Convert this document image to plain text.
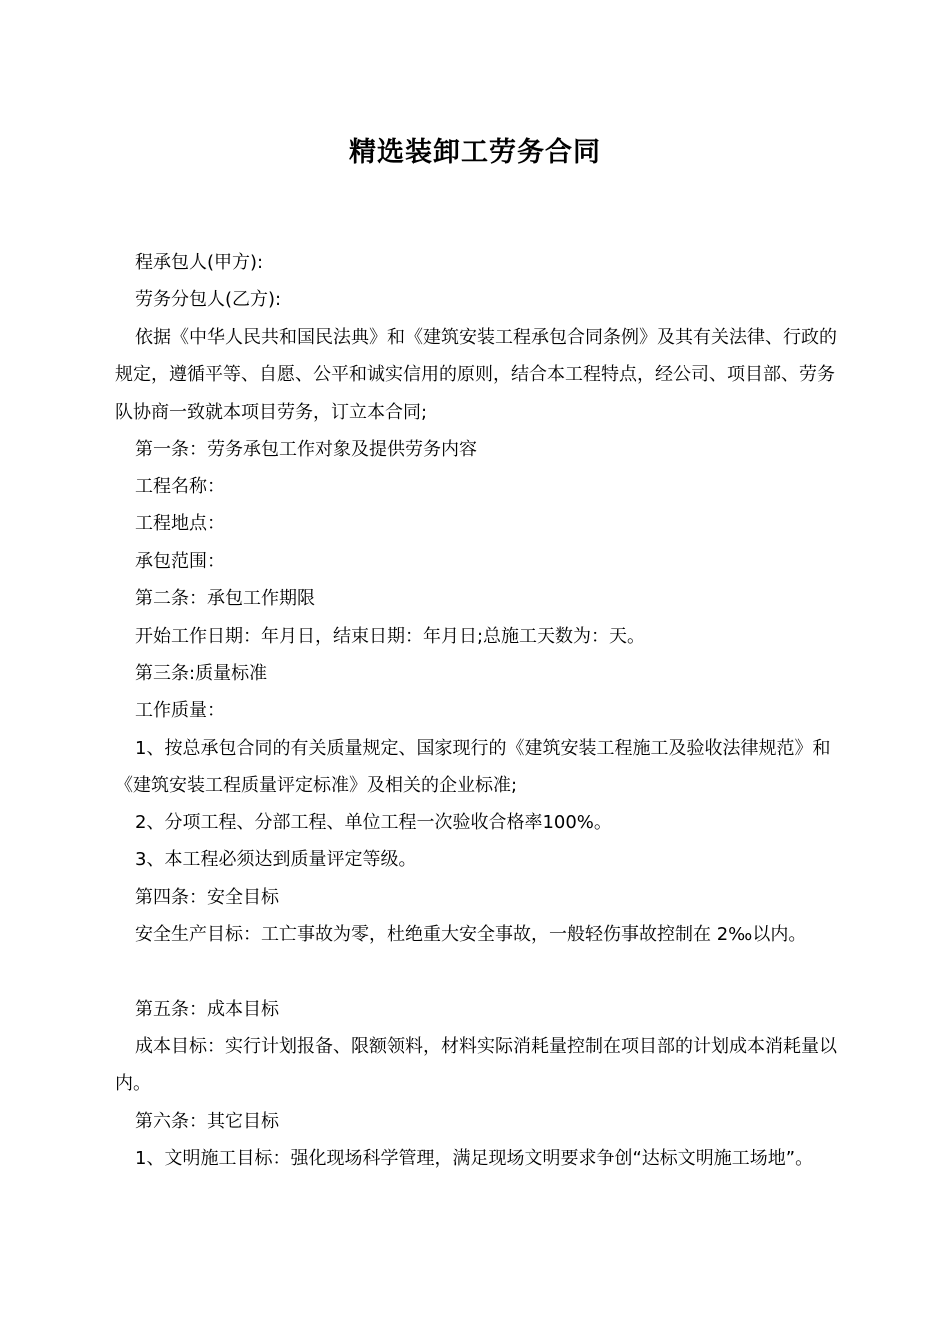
精选装卸工劳务合同
程承包人(甲方):
劳务分包人(乙方):
依据《中华人民共和国民法典》和《建筑安装工程承包合同条例》及其有关法律、行政的规定，遵循平等、自愿、公平和诚实信用的原则，结合本工程特点，经公司、项目部、劳务队协商一致就本项目劳务，订立本合同;
第一条：劳务承包工作对象及提供劳务内容
工程名称：
工程地点：
承包范围：
第二条：承包工作期限
开始工作日期：年月日，结束日期：年月日;总施工天数为：天。
第三条:质量标准
工作质量：
1、按总承包合同的有关质量规定、国家现行的《建筑安装工程施工及验收法律规范》和《建筑安装工程质量评定标准》及相关的企业标准;
2、分项工程、分部工程、单位工程一次验收合格率100%。
3、本工程必须达到质量评定等级。
第四条：安全目标
安全生产目标：工亡事故为零，杜绝重大安全事故，一般轻伤事故控制在 2‰以内。
第五条：成本目标
成本目标：实行计划报备、限额领料，材料实际消耗量控制在项目部的计划成本消耗量以内。
第六条：其它目标
1、文明施工目标：强化现场科学管理，满足现场文明要求争创“达标文明施工场地”。
